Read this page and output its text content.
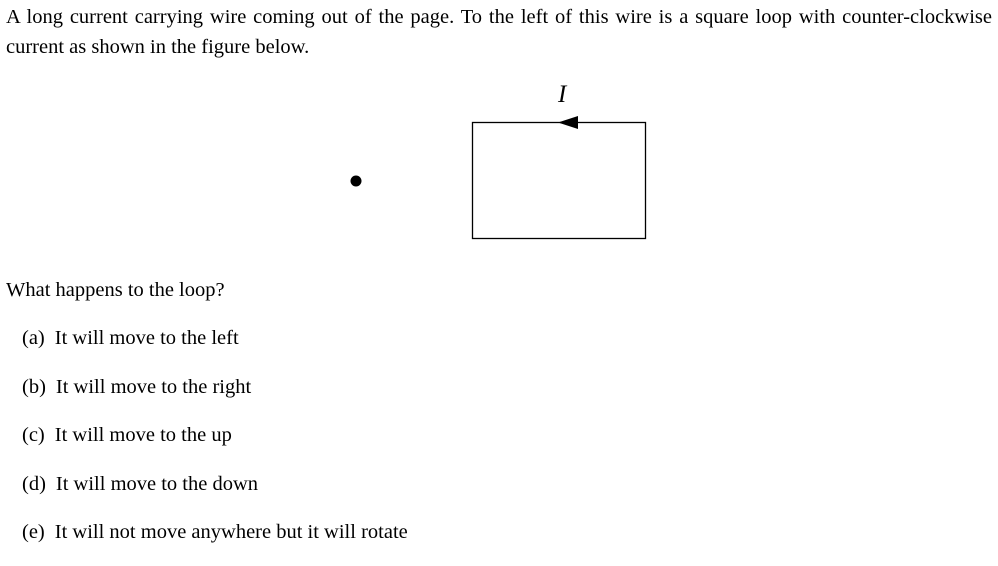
A long current carrying wire coming out of the page. To the left of this wire is a square loop with counter-clockwise current as shown in the figure below.

I

What happens to the loop?

(a) It will move to the left
(b) It will move to the right
(c) It will move to the up
(d) It will move to the down
(e) It will not move anywhere but it will rotate
